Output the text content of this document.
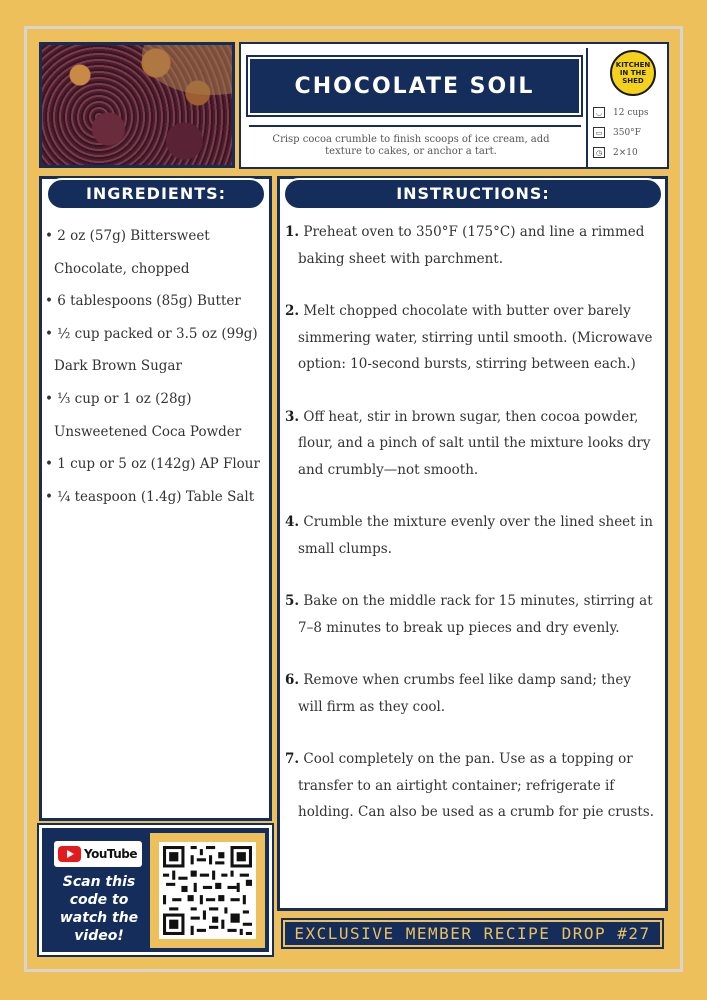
CHOCOLATE SOIL
Crisp cocoa crumble to finish scoops of ice cream, add texture to cakes, or anchor a tart.
KITCHEN IN THE SHED
◡	12 cups
▭ 350°F
◷	2×10
INGREDIENTS:
• 2 oz (57g) Bittersweet
Chocolate, chopped
• 6 tablespoons (85g) Butter
• ½ cup packed or 3.5 oz (99g)
Dark Brown Sugar
• ⅓ cup or 1 oz (28g)
Unsweetened Coca Powder
• 1 cup or 5 oz (142g) AP Flour
• ¼ teaspoon (1.4g) Table Salt
INSTRUCTIONS:
1. Preheat oven to 350°F (175°C) and line a rimmed baking sheet with parchment.
2. Melt chopped chocolate with butter over barely simmering water, stirring until smooth. (Microwave option: 10-second bursts, stirring between each.)
3. Off heat, stir in brown sugar, then cocoa powder, flour, and a pinch of salt until the mixture looks dry and crumbly—not smooth.
4. Crumble the mixture evenly over the lined sheet in small clumps.
5. Bake on the middle rack for 15 minutes, stirring at 7–8 minutes to break up pieces and dry evenly.
6. Remove when crumbs feel like damp sand; they will firm as they cool.
7. Cool completely on the pan. Use as a topping or transfer to an airtight container; refrigerate if holding. Can also be used as a crumb for pie crusts.
YouTube
Scan this code to watch the video!	EXCLUSIVE MEMBER RECIPE DROP #27
